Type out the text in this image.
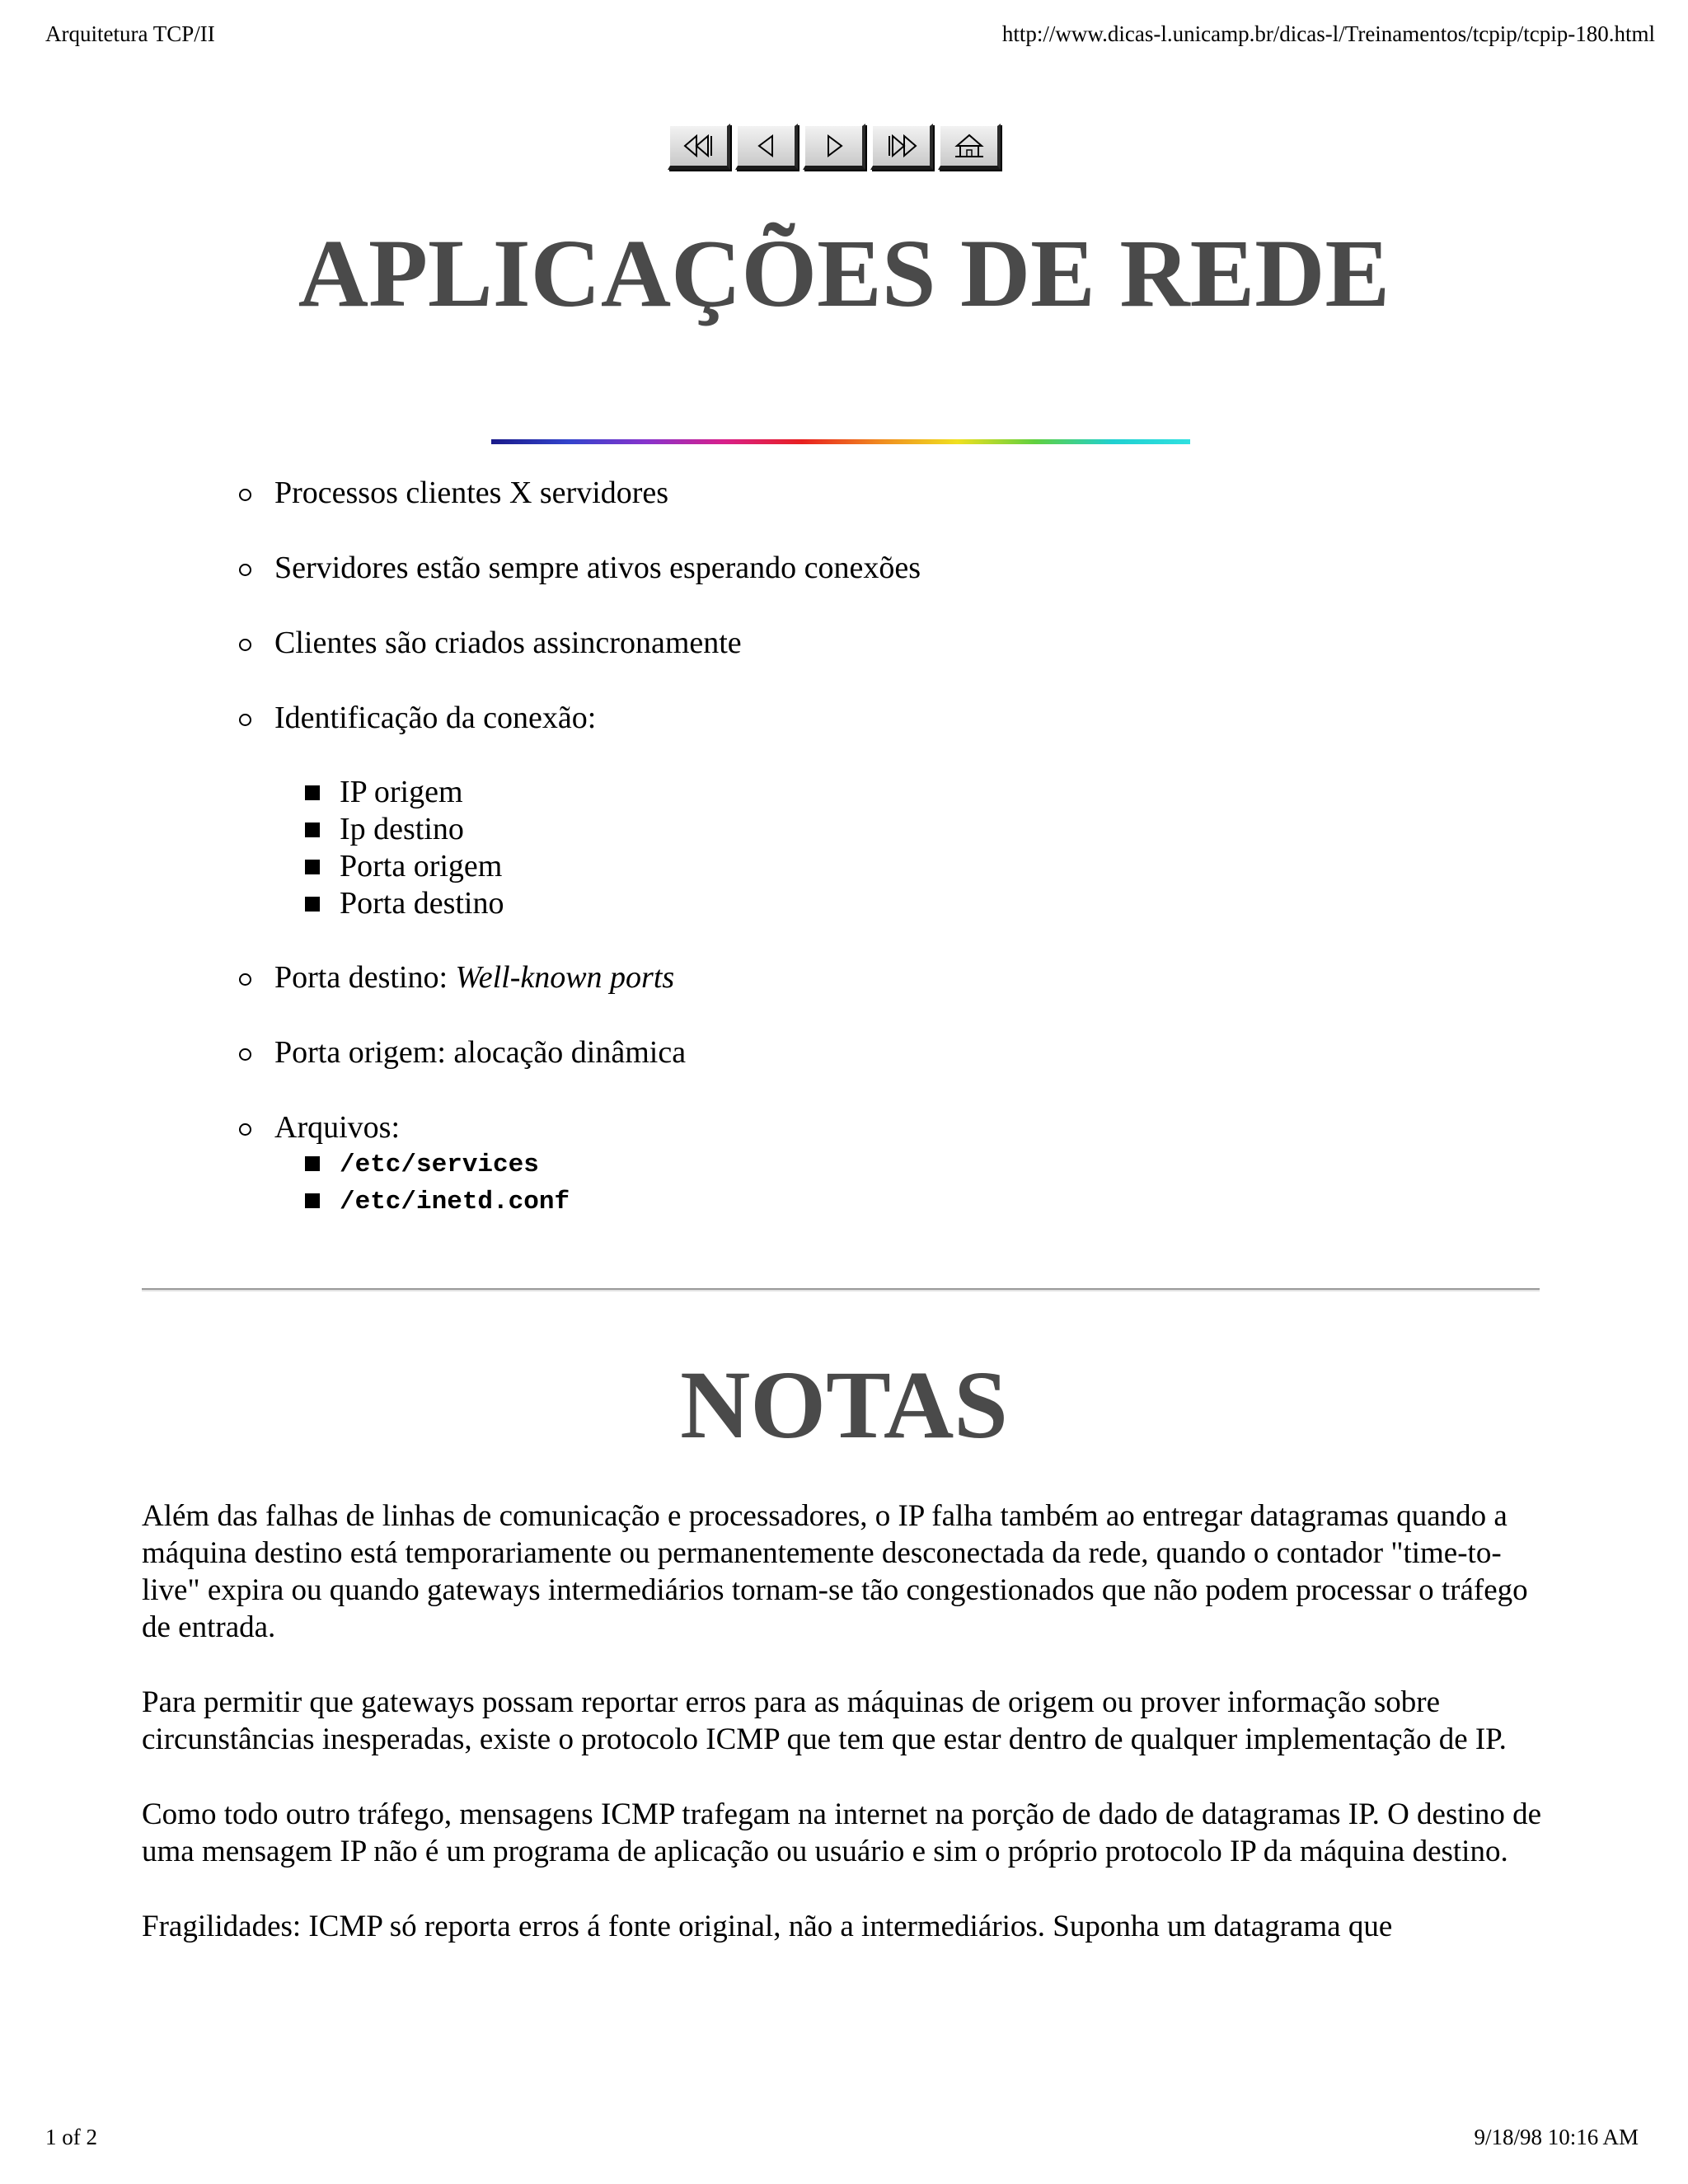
Arquitetura TCP/II	http://www.dicas-l.unicamp.br/dicas-l/Treinamentos/tcpip/tcpip-180.html
APLICAÇÕES DE REDE
Processos clientes X servidores
Servidores estão sempre ativos esperando conexões
Clientes são criados assincronamente
Identificação da conexão:
IP origem
Ip destino
Porta origem
Porta destino
Porta destino: Well-known ports
Porta origem: alocação dinâmica
Arquivos:
/etc/services
/etc/inetd.conf
NOTAS

Além das falhas de linhas de comunicação e processadores, o IP falha também ao entregar datagramas quando a máquina destino está temporariamente ou permanentemente desconectada da rede, quando o contador "time-to-live" expira ou quando gateways intermediários tornam-se tão congestionados que não podem processar o tráfego de entrada.

Para permitir que gateways possam reportar erros para as máquinas de origem ou prover informação sobre circunstâncias inesperadas, existe o protocolo ICMP que tem que estar dentro de qualquer implementação de IP.

Como todo outro tráfego, mensagens ICMP trafegam na internet na porção de dado de datagramas IP. O destino de uma mensagem IP não é um programa de aplicação ou usuário e sim o próprio protocolo IP da máquina destino.

Fragilidades: ICMP só reporta erros á fonte original, não a intermediários. Suponha um datagrama que

1 of 2	9/18/98 10:16 AM
